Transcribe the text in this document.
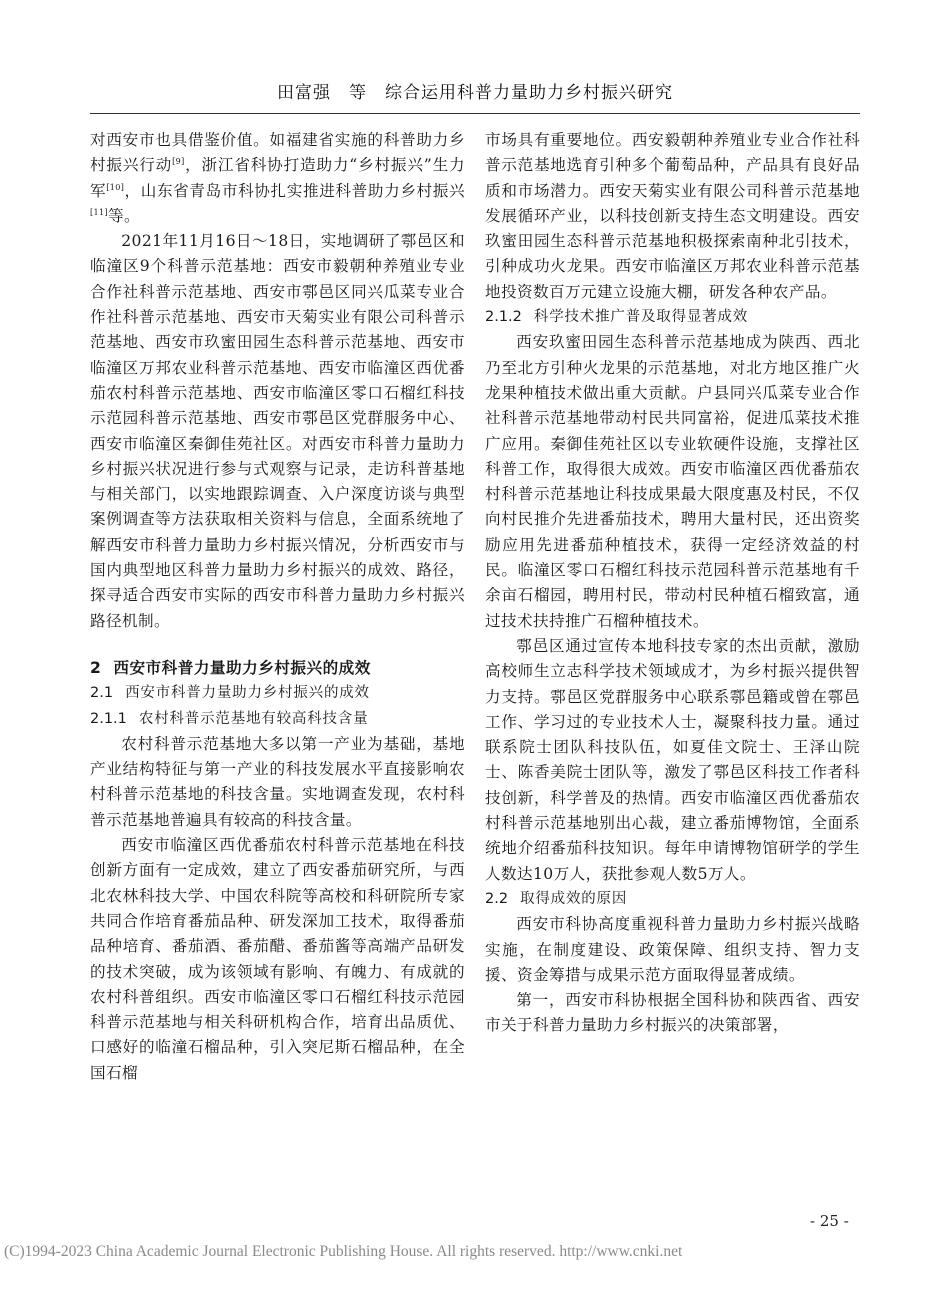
田富强　等　综合运用科普力量助力乡村振兴研究

对西安市也具借鉴价值。如福建省实施的科普助力乡村振兴行动[9]，浙江省科协打造助力“乡村振兴”生力军[10]，山东省青岛市科协扎实推进科普助力乡村振兴[11]等。

2021年11月16日～18日，实地调研了鄠邑区和临潼区9个科普示范基地：西安市毅朝种养殖业专业合作社科普示范基地、西安市鄠邑区同兴瓜菜专业合作社科普示范基地、西安市天菊实业有限公司科普示范基地、西安市玖蜜田园生态科普示范基地、西安市临潼区万邦农业科普示范基地、西安市临潼区西优番茄农村科普示范基地、西安市临潼区零口石榴红科技示范园科普示范基地、西安市鄠邑区党群服务中心、西安市临潼区秦御佳苑社区。对西安市科普力量助力乡村振兴状况进行参与式观察与记录，走访科普基地与相关部门，以实地跟踪调查、入户深度访谈与典型案例调查等方法获取相关资料与信息，全面系统地了解西安市科普力量助力乡村振兴情况，分析西安市与国内典型地区科普力量助力乡村振兴的成效、路径，探寻适合西安市实际的西安市科普力量助力乡村振兴路径机制。

2 西安市科普力量助力乡村振兴的成效

2.1 西安市科普力量助力乡村振兴的成效

2.1.1 农村科普示范基地有较高科技含量

农村科普示范基地大多以第一产业为基础，基地产业结构特征与第一产业的科技发展水平直接影响农村科普示范基地的科技含量。实地调查发现，农村科普示范基地普遍具有较高的科技含量。

西安市临潼区西优番茄农村科普示范基地在科技创新方面有一定成效，建立了西安番茄研究所，与西北农林科技大学、中国农科院等高校和科研院所专家共同合作培育番茄品种、研发深加工技术，取得番茄品种培育、番茄酒、番茄醋、番茄酱等高端产品研发的技术突破，成为该领域有影响、有魄力、有成就的农村科普组织。西安市临潼区零口石榴红科技示范园科普示范基地与相关科研机构合作，培育出品质优、口感好的临潼石榴品种，引入突尼斯石榴品种，在全国石榴

市场具有重要地位。西安毅朝种养殖业专业合作社科普示范基地选育引种多个葡萄品种，产品具有良好品质和市场潜力。西安天菊实业有限公司科普示范基地发展循环产业，以科技创新支持生态文明建设。西安玖蜜田园生态科普示范基地积极探索南种北引技术，引种成功火龙果。西安市临潼区万邦农业科普示范基地投资数百万元建立设施大棚，研发各种农产品。

2.1.2 科学技术推广普及取得显著成效

西安玖蜜田园生态科普示范基地成为陕西、西北乃至北方引种火龙果的示范基地，对北方地区推广火龙果种植技术做出重大贡献。户县同兴瓜菜专业合作社科普示范基地带动村民共同富裕，促进瓜菜技术推广应用。秦御佳苑社区以专业软硬件设施，支撑社区科普工作，取得很大成效。西安市临潼区西优番茄农村科普示范基地让科技成果最大限度惠及村民，不仅向村民推介先进番茄技术，聘用大量村民，还出资奖励应用先进番茄种植技术，获得一定经济效益的村民。临潼区零口石榴红科技示范园科普示范基地有千余亩石榴园，聘用村民，带动村民种植石榴致富，通过技术扶持推广石榴种植技术。

鄠邑区通过宣传本地科技专家的杰出贡献，激励高校师生立志科学技术领域成才，为乡村振兴提供智力支持。鄠邑区党群服务中心联系鄠邑籍或曾在鄠邑工作、学习过的专业技术人士，凝聚科技力量。通过联系院士团队科技队伍，如夏佳文院士、王泽山院士、陈香美院士团队等，激发了鄠邑区科技工作者科技创新，科学普及的热情。西安市临潼区西优番茄农村科普示范基地别出心裁，建立番茄博物馆，全面系统地介绍番茄科技知识。每年申请博物馆研学的学生人数达10万人，获批参观人数5万人。

2.2 取得成效的原因

西安市科协高度重视科普力量助力乡村振兴战略实施，在制度建设、政策保障、组织支持、智力支援、资金筹措与成果示范方面取得显著成绩。

第一，西安市科协根据全国科协和陕西省、西安市关于科普力量助力乡村振兴的决策部署，

- 25 -
(C)1994-2023 China Academic Journal Electronic Publishing House. All rights reserved. http://www.cnki.net
